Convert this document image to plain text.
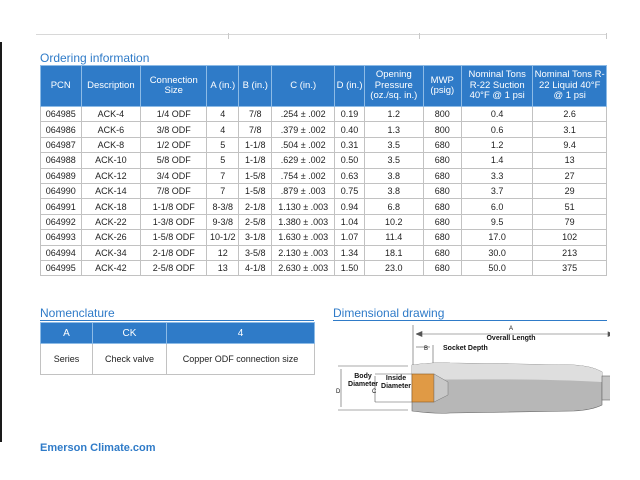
Ordering information
PCN	Description	Connection Size	A (in.)	B (in.)	C (in.)	D (in.)	Opening Pressure (oz./sq. in.)	MWP (psig)	Nominal Tons R-22 Suction 40°F @ 1 psi	Nominal Tons R-22 Liquid 40°F @ 1 psi
064985	ACK-4	1/4 ODF	4	7/8	.254 ± .002	0.19	1.2	800	0.4	2.6
064986	ACK-6	3/8 ODF	4	7/8	.379 ± .002	0.40	1.3	800	0.6	3.1
064987	ACK-8	1/2 ODF	5	1-1/8	.504 ± .002	0.31	3.5	680	1.2	9.4
064988	ACK-10	5/8 ODF	5	1-1/8	.629 ± .002	0.50	3.5	680	1.4	13
064989	ACK-12	3/4 ODF	7	1-5/8	.754 ± .002	0.63	3.8	680	3.3	27
064990	ACK-14	7/8 ODF	7	1-5/8	.879 ± .003	0.75	3.8	680	3.7	29
064991	ACK-18	1-1/8 ODF	8-3/8	2-1/8	1.130 ± .003	0.94	6.8	680	6.0	51
064992	ACK-22	1-3/8 ODF	9-3/8	2-5/8	1.380 ± .003	1.04	10.2	680	9.5	79
064993	ACK-26	1-5/8 ODF	10-1/2	3-1/8	1.630 ± .003	1.07	11.4	680	17.0	102
064994	ACK-34	2-1/8 ODF	12	3-5/8	2.130 ± .003	1.34	18.1	680	30.0	213
064995	ACK-42	2-5/8 ODF	13	4-1/8	2.630 ± .003	1.50	23.0	680	50.0	375
Nomenclature
A	CK	4
Series	Check valve	Copper ODF connection size
Dimensional drawing
A
Overall Length
B Socket Depth
D
Body
Diameter
C
Inside
Diameter
Emerson Climate.com
